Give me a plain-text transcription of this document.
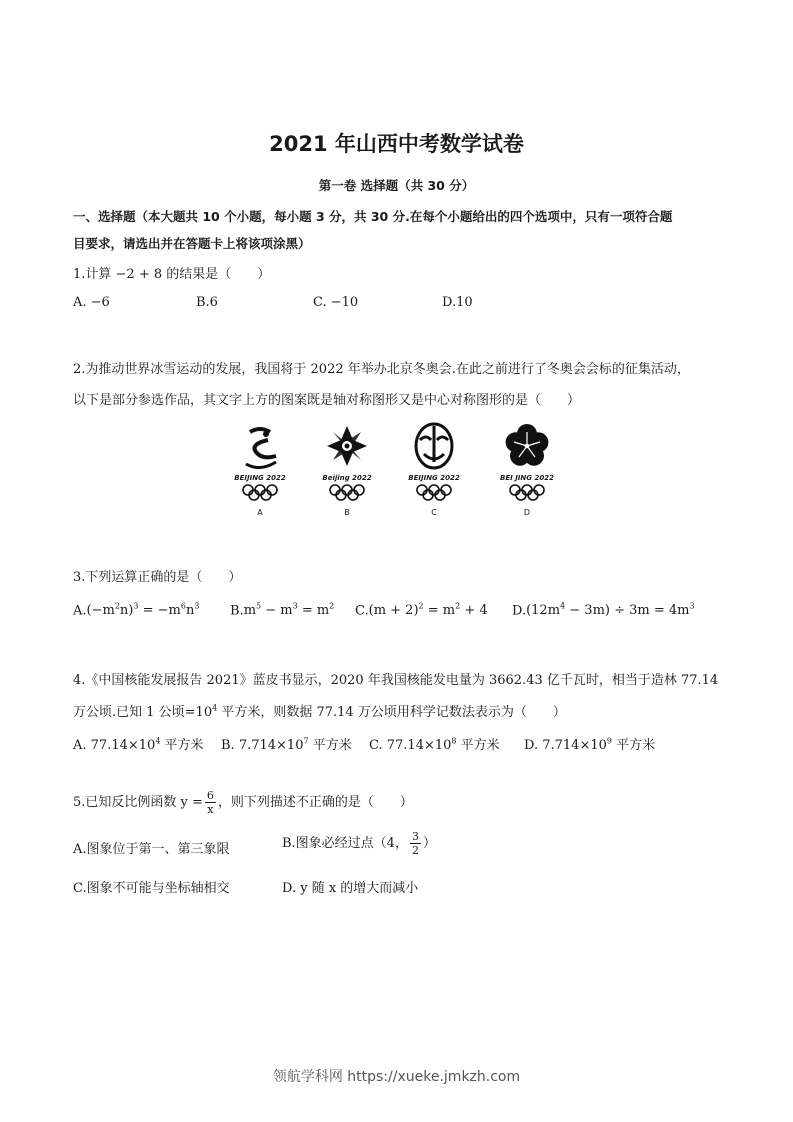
2021 年山西中考数学试卷
第一卷 选择题（共 30 分）
一、选择题（本大题共 10 个小题，每小题 3 分，共 30 分.在每个小题给出的四个选项中，只有一项符合题
目要求，请选出并在答题卡上将该项涂黑）
1.计算 −2 + 8 的结果是（　　）
A. −6	B.6	C. −10	D.10
2.为推动世界冰雪运动的发展，我国将于 2022 年举办北京冬奥会.在此之前进行了冬奥会会标的征集活动，
以下是部分参选作品，其文字上方的图案既是轴对称图形又是中心对称图形的是（　　）
BEIJING 2022
A
Beijing 2022
B
BEIJING 2022
C
BEI JING 2022
D
3.下列运算正确的是（　　）
$A.(-m^2n)^3 = -m^6n^3$ $B.m^5 - m^3 = m^2$ $C.(m + 2)^2 = m^2 + 4$ $D.(12m^4 - 3m) \div 3m = 4m^3$
4.《中国核能发展报告 2021》蓝皮书显示，2020 年我国核能发电量为 3662.43 亿千瓦时，相当于造林 77.14
万公顷.已知 1 公顷$=10^4$ 平方米，则数据 77.14 万公顷用科学记数法表示为（　　）
A. $77.14\times 10^4$ 平方米 B. $7.714\times 10^7$ 平方米 C. $77.14\times 10^8$ 平方米 D. $7.714\times 10^9$ 平方米
5.已知反比例函数 $y = \frac{6}{x}$ ，则下列描述不正确的是（　　）
A.图象位于第一、第三象限	B.图象必经过点（4， $\frac{3}{2}$ ）
C.图象不可能与坐标轴相交	D. y 随 x 的增大而减小
领航学科网 https://xueke.jmkzh.com
